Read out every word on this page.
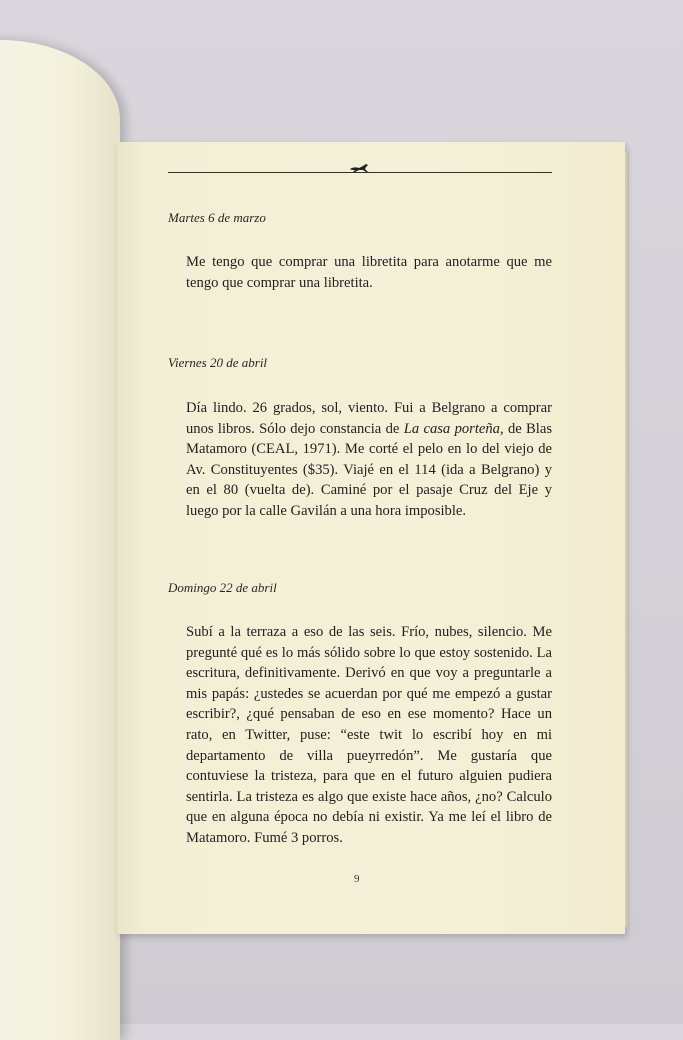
Martes 6 de marzo
Me tengo que comprar una libretita para anotarme que me tengo que comprar una libretita.
Viernes 20 de abril
Día lindo. 26 grados, sol, viento. Fui a Belgrano a comprar unos libros. Sólo dejo constancia de La casa porteña, de Blas Matamoro (CEAL, 1971). Me corté el pelo en lo del viejo de Av. Constituyentes ($35). Viajé en el 114 (ida a Belgrano) y en el 80 (vuelta de). Caminé por el pasaje Cruz del Eje y luego por la calle Gavilán a una hora imposible.
Domingo 22 de abril
Subí a la terraza a eso de las seis. Frío, nubes, silencio. Me pregunté qué es lo más sólido sobre lo que estoy sostenido. La escritura, definitivamente. Derivó en que voy a preguntarle a mis papás: ¿ustedes se acuerdan por qué me empezó a gustar escribir?, ¿qué pensaban de eso en ese momento? Hace un rato, en Twitter, puse: “este twit lo escribí hoy en mi departamento de villa pueyrredón”. Me gustaría que contuviese la tristeza, para que en el futuro alguien pudiera sentirla. La tristeza es algo que existe hace años, ¿no? Calculo que en alguna época no debía ni existir. Ya me leí el libro de Matamoro. Fumé 3 porros.
9
